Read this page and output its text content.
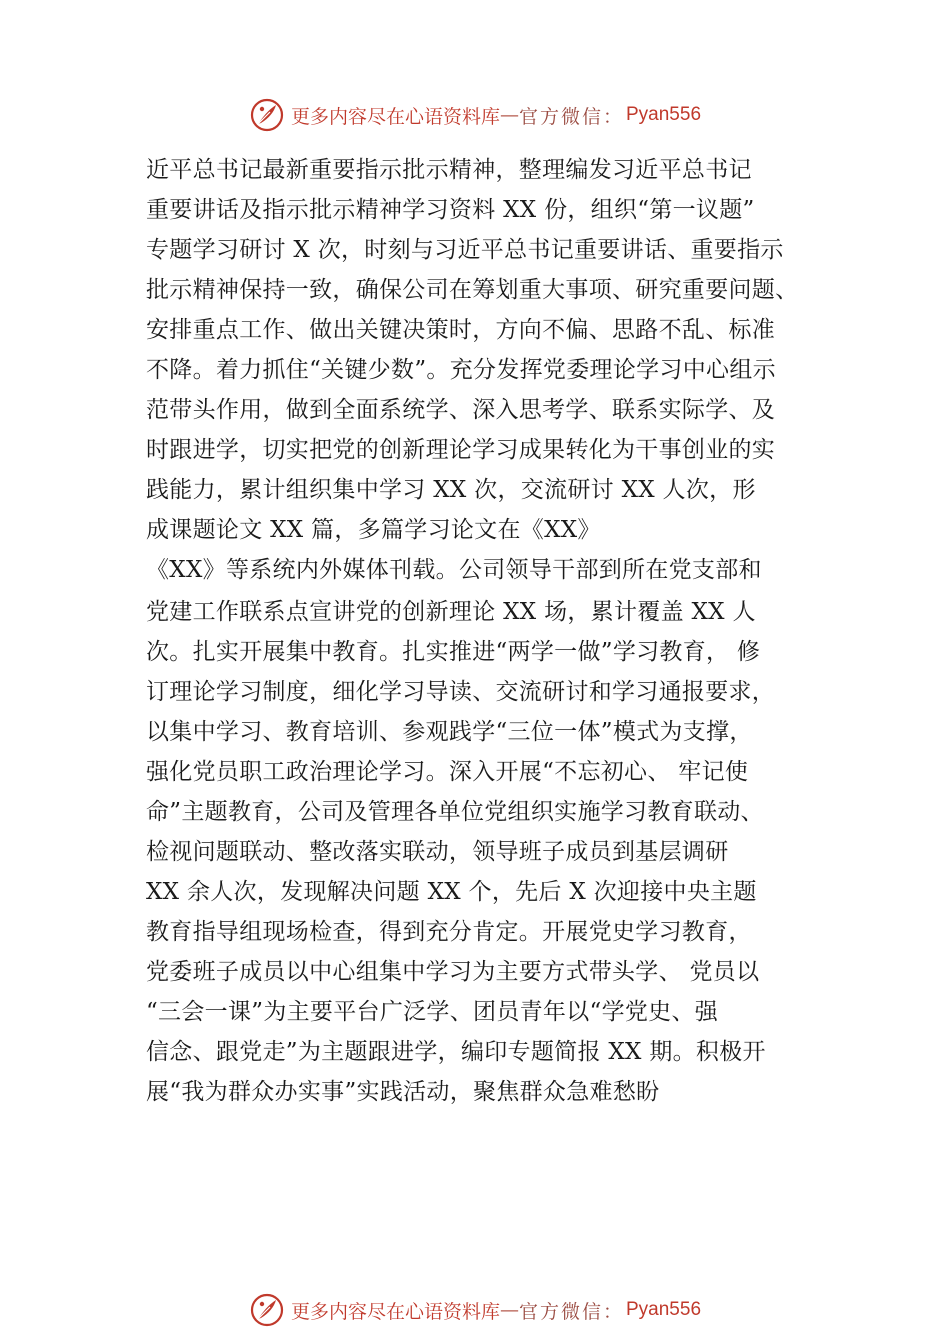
更多内容尽在心语资料库 — 官方微信： Pyan556
近平总书记最新重要指示批示精神，整理编发习近平总书记
重要讲话及指示批示精神学习资料 XX 份，组织“第一议题”
专题学习研讨 X 次，时刻与习近平总书记重要讲话、重要指示
批示精神保持一致，确保公司在筹划重大事项、研究重要问题、
安排重点工作、做出关键决策时，方向不偏、思路不乱、标准
不降。着力抓住“关键少数”。充分发挥党委理论学习中心组示
范带头作用，做到全面系统学、深入思考学、联系实际学、及
时跟进学，切实把党的创新理论学习成果转化为干事创业的实
践能力，累计组织集中学习 XX 次，交流研讨 XX 人次，形
成课题论文 XX 篇，多篇学习论文在《XX》
《XX》等系统内外媒体刊载。公司领导干部到所在党支部和
党建工作联系点宣讲党的创新理论 XX 场，累计覆盖 XX 人
次。扎实开展集中教育。扎实推进“两学一做”学习教育， 修
订理论学习制度，细化学习导读、交流研讨和学习通报要求，
以集中学习、教育培训、参观践学“三位一体”模式为支撑，
强化党员职工政治理论学习。深入开展“不忘初心、 牢记使
命”主题教育，公司及管理各单位党组织实施学习教育联动、
检视问题联动、整改落实联动，领导班子成员到基层调研
XX 余人次，发现解决问题 XX 个，先后 X 次迎接中央主题
教育指导组现场检查，得到充分肯定。开展党史学习教育，
党委班子成员以中心组集中学习为主要方式带头学、 党员以
“三会一课”为主要平台广泛学、团员青年以“学党史、强
信念、跟党走”为主题跟进学，编印专题简报 XX 期。积极开
展“我为群众办实事”实践活动，聚焦群众急难愁盼
更多内容尽在心语资料库 — 官方微信： Pyan556
